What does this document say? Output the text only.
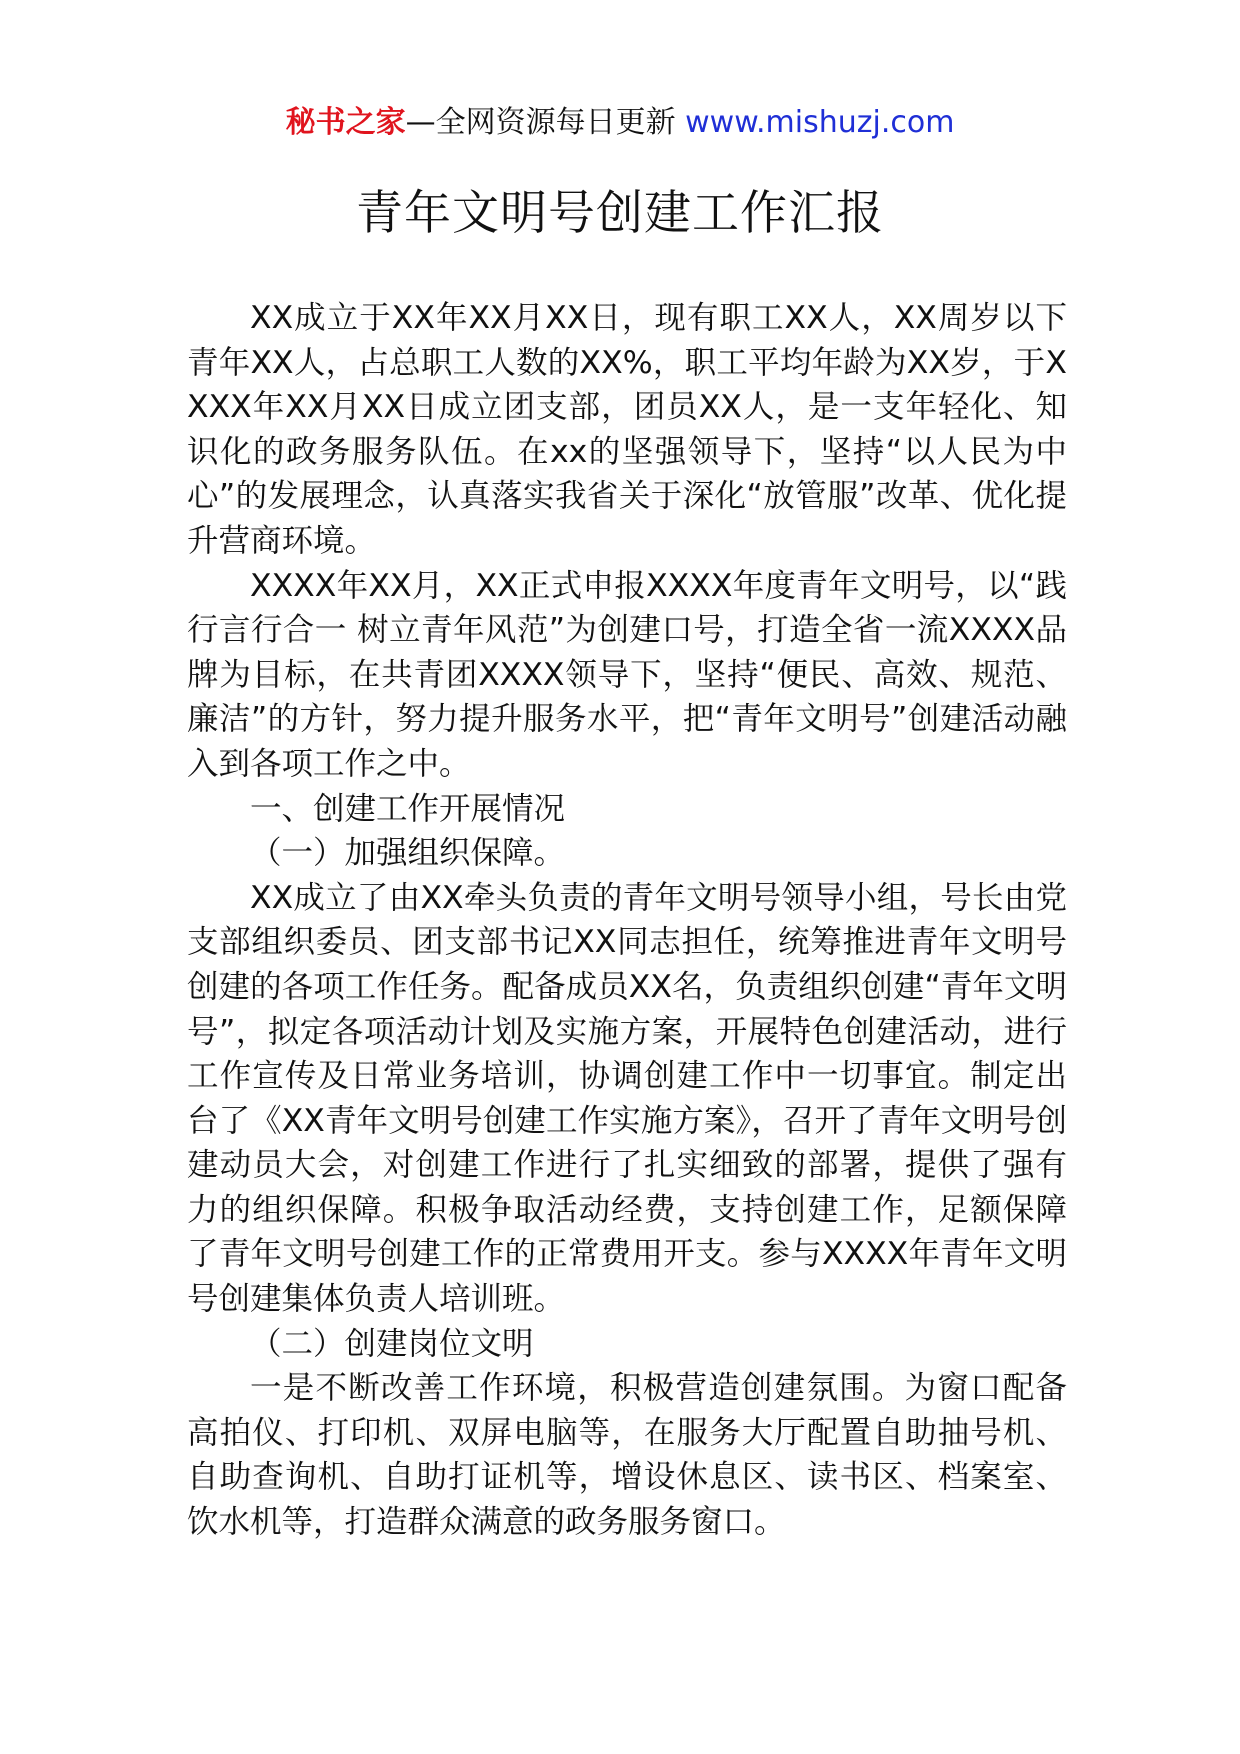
秘书之家—全网资源每日更新 www.mishuzj.com
青年文明号创建工作汇报

XX成立于XX年XX月XX日，现有职工XX人，XX周岁以下青年XX人，占总职工人数的XX%，职工平均年龄为XX岁，于XXXX年XX月XX日成立团支部，团员XX人，是一支年轻化、知识化的政务服务队伍。在xx的坚强领导下，坚持“以人民为中心”的发展理念，认真落实我省关于深化“放管服”改革、优化提升营商环境。

XXXX年XX月，XX正式申报XXXX年度青年文明号，以“践行言行合一 树立青年风范”为创建口号，打造全省一流XXXX品牌为目标，在共青团XXXX领导下，坚持“便民、高效、规范、廉洁”的方针，努力提升服务水平，把“青年文明号”创建活动融入到各项工作之中。

一、创建工作开展情况

（一）加强组织保障。

XX成立了由XX牵头负责的青年文明号领导小组，号长由党支部组织委员、团支部书记XX同志担任，统筹推进青年文明号创建的各项工作任务。配备成员XX名，负责组织创建“青年文明号”，拟定各项活动计划及实施方案，开展特色创建活动，进行工作宣传及日常业务培训，协调创建工作中一切事宜。制定出台了《XX青年文明号创建工作实施方案》，召开了青年文明号创建动员大会，对创建工作进行了扎实细致的部署，提供了强有力的组织保障。积极争取活动经费，支持创建工作，足额保障了青年文明号创建工作的正常费用开支。参与XXXX年青年文明号创建集体负责人培训班。

（二）创建岗位文明

一是不断改善工作环境，积极营造创建氛围。为窗口配备高拍仪、打印机、双屏电脑等，在服务大厅配置自助抽号机、自助查询机、自助打证机等，增设休息区、读书区、档案室、饮水机等，打造群众满意的政务服务窗口。
